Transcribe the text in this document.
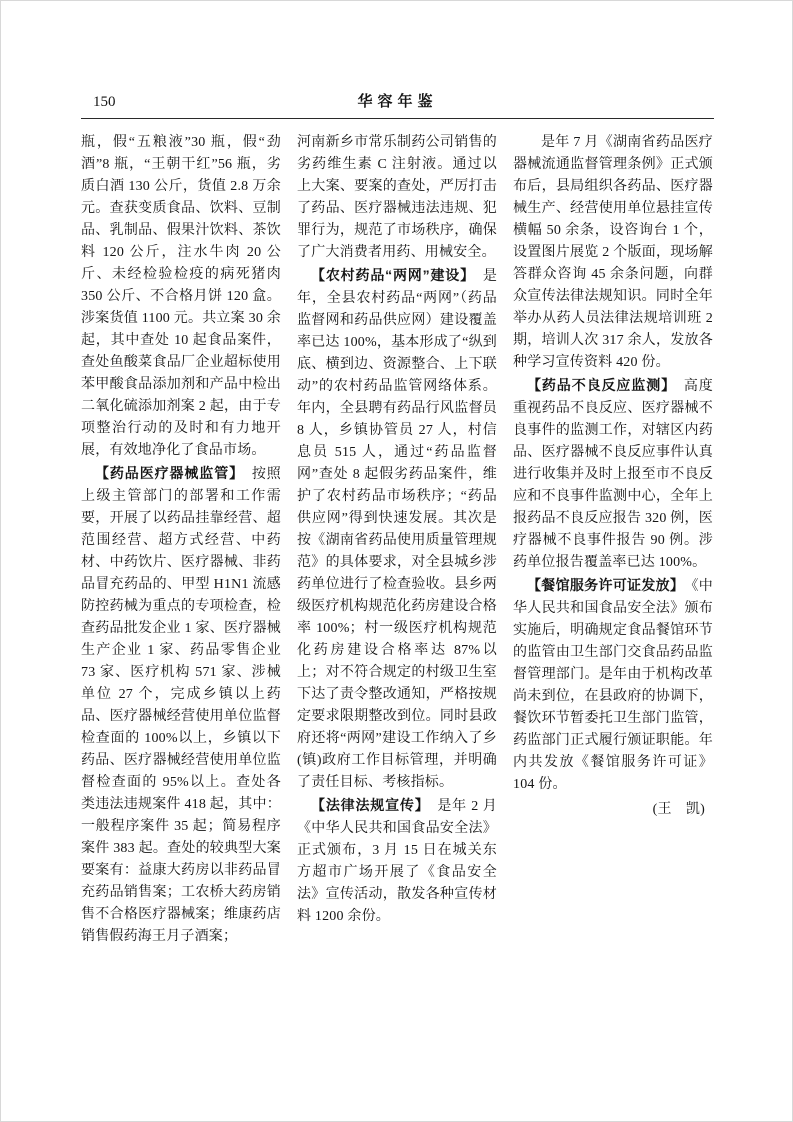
150	华容年鉴

瓶，假“五粮液”30 瓶，假“劲酒”8 瓶，“王朝干红”56 瓶，劣质白酒 130 公斤，货值 2.8 万余元。查获变质食品、饮料、豆制品、乳制品、假果汁饮料、茶饮料 120 公斤，注水牛肉 20 公斤、未经检验检疫的病死猪肉 350 公斤、不合格月饼 120 盒。涉案货值 1100 元。共立案 30 余起，其中查处 10 起食品案件，查处鱼酸菜食品厂企业超标使用苯甲酸食品添加剂和产品中检出二氧化硫添加剂案 2 起，由于专项整治行动的及时和有力地开展，有效地净化了食品市场。

【药品医疗器械监管】　 按照上级主管部门的部署和工作需要，开展了以药品挂靠经营、超范围经营、超方式经营、中药材、中药饮片、医疗器械、非药品冒充药品的、甲型 H1N1 流感防控药械为重点的专项检查，检查药品批发企业 1 家、医疗器械生产企业 1 家、药品零售企业 73 家、医疗机构 571 家、涉械单位 27 个，完成乡镇以上药品、医疗器械经营使用单位监督检查面的 100%以上，乡镇以下药品、医疗器械经营使用单位监督检查面的 95%以上。查处各类违法违规案件 418 起，其中：一般程序案件 35 起；简易程序案件 383 起。查处的较典型大案要案有：益康大药房以非药品冒充药品销售案；工农桥大药房销售不合格医疗器械案；维康药店销售假药海王月子酒案；

河南新乡市常乐制药公司销售的劣药维生素 C 注射液。通过以上大案、要案的查处，严厉打击了药品、医疗器械违法违规、犯罪行为，规范了市场秩序，确保了广大消费者用药、用械安全。

【农村药品“两网”建设】　 是年，全县农村药品“两网”（药品监督网和药品供应网）建设覆盖率已达 100%，基本形成了“纵到底、横到边、资源整合、上下联动”的农村药品监管网络体系。年内，全县聘有药品行风监督员 8 人，乡镇协管员 27 人，村信息员 515 人，通过“药品监督网”查处 8 起假劣药品案件，维护了农村药品市场秩序；“药品供应网”得到快速发展。其次是按《湖南省药品使用质量管理规范》的具体要求，对全县城乡涉药单位进行了检查验收。县乡两级医疗机构规范化药房建设合格率 100%；村一级医疗机构规范化药房建设合格率达 87%以上；对不符合规定的村级卫生室下达了责令整改通知，严格按规定要求限期整改到位。同时县政府还将“两网”建设工作纳入了乡(镇)政府工作目标管理，并明确了责任目标、考核指标。

【法律法规宣传】　 是年 2 月《中华人民共和国食品安全法》正式颁布，3 月 15 日在城关东方超市广场开展了《食品安全法》宣传活动，散发各种宣传材料 1200 余份。

是年 7 月《湖南省药品医疗器械流通监督管理条例》正式颁布后，县局组织各药品、医疗器械生产、经营使用单位悬挂宣传横幅 50 余条，设咨询台 1 个，设置图片展览 2 个版面，现场解答群众咨询 45 余条问题，向群众宣传法律法规知识。同时全年举办从药人员法律法规培训班 2 期，培训人次 317 余人，发放各种学习宣传资料 420 份。

【药品不良反应监测】　 高度重视药品不良反应、医疗器械不良事件的监测工作，对辖区内药品、医疗器械不良反应事件认真进行收集并及时上报至市不良反应和不良事件监测中心，全年上报药品不良反应报告 320 例，医疗器械不良事件报告 90 例。涉药单位报告覆盖率已达 100%。

【餐馆服务许可证发放】　 《中华人民共和国食品安全法》颁布实施后，明确规定食品餐馆环节的监管由卫生部门交食品药品监督管理部门。是年由于机构改革尚未到位，在县政府的协调下，餐饮环节暂委托卫生部门监管，药监部门正式履行颁证职能。年内共发放《餐馆服务许可证》104 份。

(王　凯)
